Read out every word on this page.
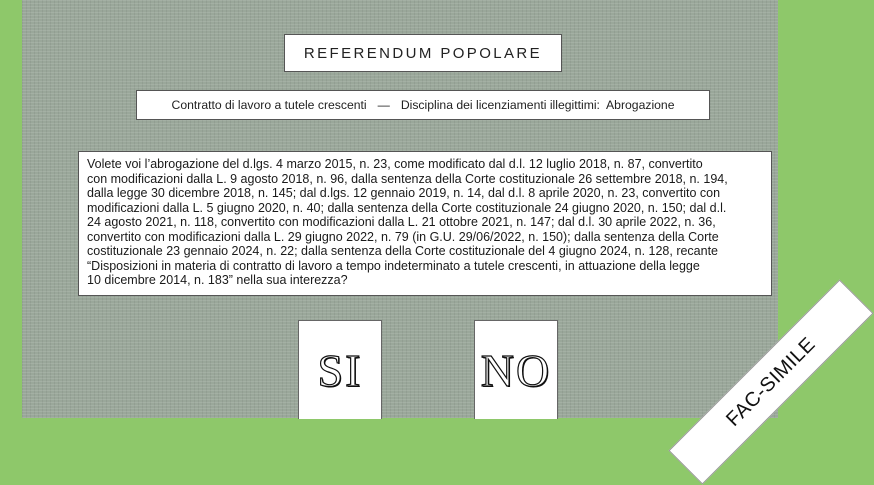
REFERENDUM POPOLARE
Contratto di lavoro a tutele crescenti — Disciplina dei licenziamenti illegittimi:  Abrogazione
Volete voi l’abrogazione del d.lgs. 4 marzo 2015, n. 23, come modificato dal d.l. 12 luglio 2018, n. 87, convertito
con modificazioni dalla L. 9 agosto 2018, n. 96, dalla sentenza della Corte costituzionale 26 settembre 2018, n. 194,
dalla legge 30 dicembre 2018, n. 145; dal d.lgs. 12 gennaio 2019, n. 14, dal d.l. 8 aprile 2020, n. 23, convertito con
modificazioni dalla L. 5 giugno 2020, n. 40; dalla sentenza della Corte costituzionale 24 giugno 2020, n. 150; dal d.l.
24 agosto 2021, n. 118, convertito con modificazioni dalla L. 21 ottobre 2021, n. 147; dal d.l. 30 aprile 2022, n. 36,
convertito con modificazioni dalla L. 29 giugno 2022, n. 79 (in G.U. 29/06/2022, n. 150); dalla sentenza della Corte
costituzionale 23 gennaio 2024, n. 22; dalla sentenza della Corte costituzionale del 4 giugno 2024, n. 128, recante
“Disposizioni in materia di contratto di lavoro a tempo indeterminato a tutele crescenti, in attuazione della legge
10 dicembre 2014, n. 183” nella sua interezza?
SI	NO	FAC-SIMILE
